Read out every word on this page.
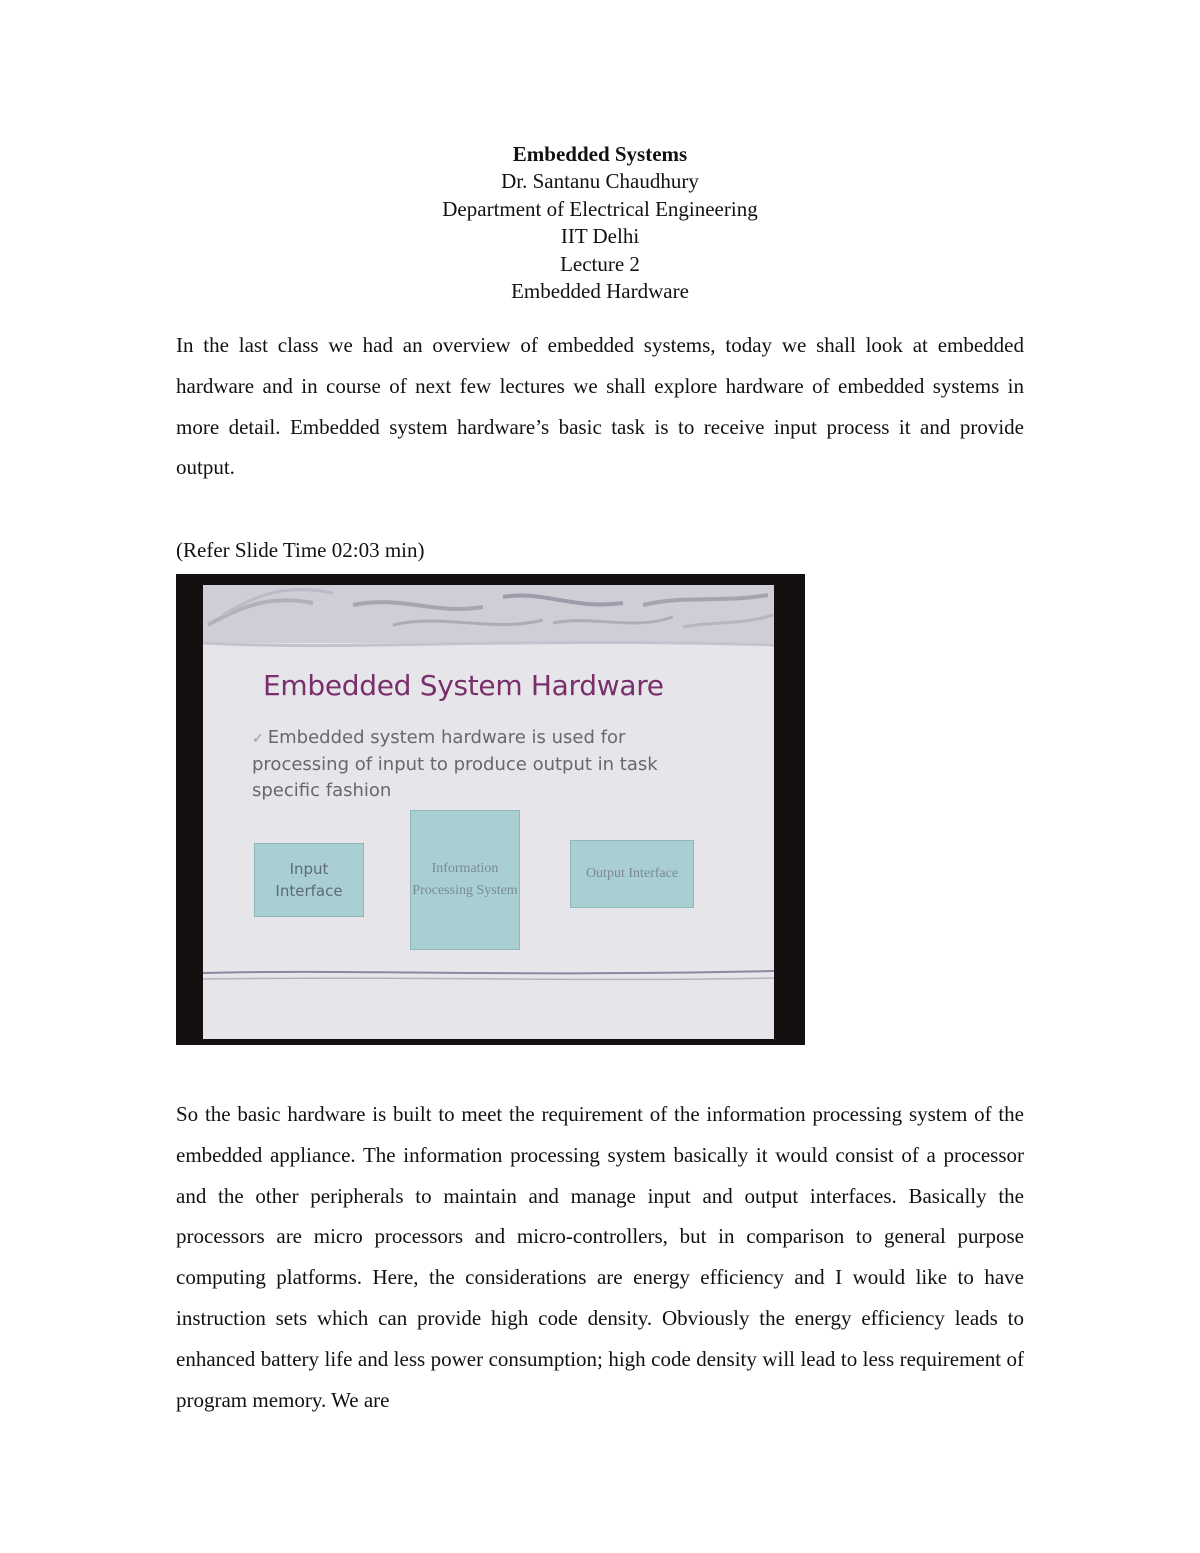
Embedded Systems
Dr. Santanu Chaudhury
Department of Electrical Engineering
IIT Delhi
Lecture 2
Embedded Hardware

In the last class we had an overview of embedded systems, today we shall look at embedded hardware and in course of next few lectures we shall explore hardware of embedded systems in more detail. Embedded system hardware’s basic task is to receive input process it and provide output.

(Refer Slide Time 02:03 min)

Embedded System Hardware
✓ Embedded system hardware is used for processing of input to produce output in task specific fashion
Input Interface
Information Processing System
Output Interface

So the basic hardware is built to meet the requirement of the information processing system of the embedded appliance. The information processing system basically it would consist of a processor and the other peripherals to maintain and manage input and output interfaces. Basically the processors are micro processors and micro-controllers, but in comparison to general purpose computing platforms. Here, the considerations are energy efficiency and I would like to have instruction sets which can provide high code density. Obviously the energy efficiency leads to enhanced battery life and less power consumption; high code density will lead to less requirement of program memory. We are
